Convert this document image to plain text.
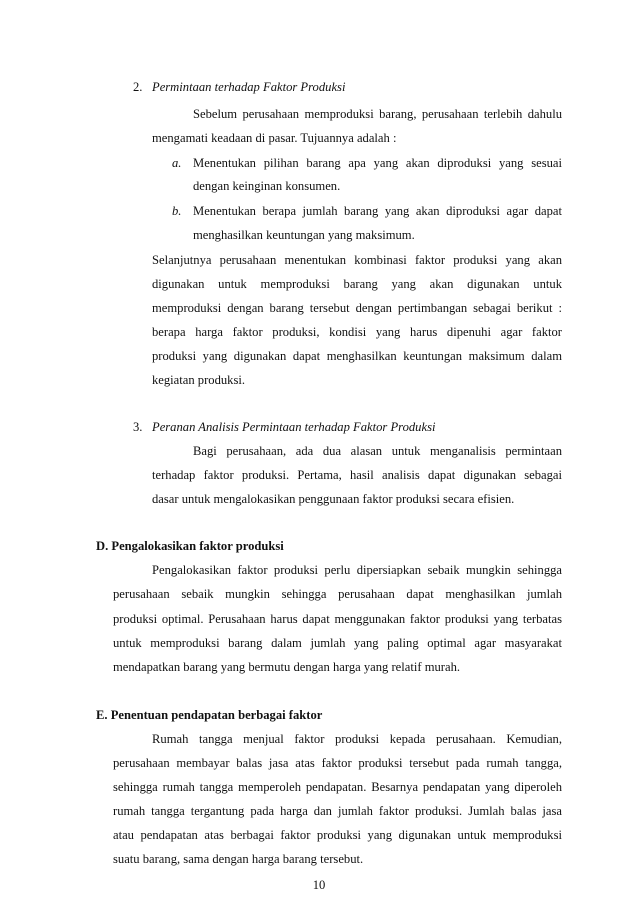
2. Permintaan terhadap Faktor Produksi
Sebelum perusahaan memproduksi barang, perusahaan terlebih dahulu
mengamati keadaan di pasar. Tujuannya adalah :
a. Menentukan pilihan barang apa yang akan diproduksi yang sesuai
dengan keinginan konsumen.
b. Menentukan berapa jumlah barang yang akan diproduksi agar dapat
menghasilkan keuntungan yang maksimum.
Selanjutnya perusahaan menentukan kombinasi faktor produksi yang akan
digunakan untuk memproduksi barang yang akan digunakan untuk
memproduksi dengan barang tersebut dengan pertimbangan sebagai berikut :
berapa harga faktor produksi, kondisi yang harus dipenuhi agar faktor
produksi yang digunakan dapat menghasilkan keuntungan maksimum dalam
kegiatan produksi.
3. Peranan Analisis Permintaan terhadap Faktor Produksi
Bagi perusahaan, ada dua alasan untuk menganalisis permintaan
terhadap faktor produksi. Pertama, hasil analisis dapat digunakan sebagai
dasar untuk mengalokasikan penggunaan faktor produksi secara efisien.
D. Pengalokasikan faktor produksi
Pengalokasikan faktor produksi perlu dipersiapkan sebaik mungkin sehingga
perusahaan sebaik mungkin sehingga perusahaan dapat menghasilkan jumlah
produksi optimal. Perusahaan harus dapat menggunakan faktor produksi yang terbatas
untuk memproduksi barang dalam jumlah yang paling optimal agar masyarakat
mendapatkan barang yang bermutu dengan harga yang relatif murah.
E. Penentuan pendapatan berbagai faktor
Rumah tangga menjual faktor produksi kepada perusahaan. Kemudian,
perusahaan membayar balas jasa atas faktor produksi tersebut pada rumah tangga,
sehingga rumah tangga memperoleh pendapatan. Besarnya pendapatan yang diperoleh
rumah tangga tergantung pada harga dan jumlah faktor produksi. Jumlah balas jasa
atau pendapatan atas berbagai faktor produksi yang digunakan untuk memproduksi
suatu barang, sama dengan harga barang tersebut.
10
